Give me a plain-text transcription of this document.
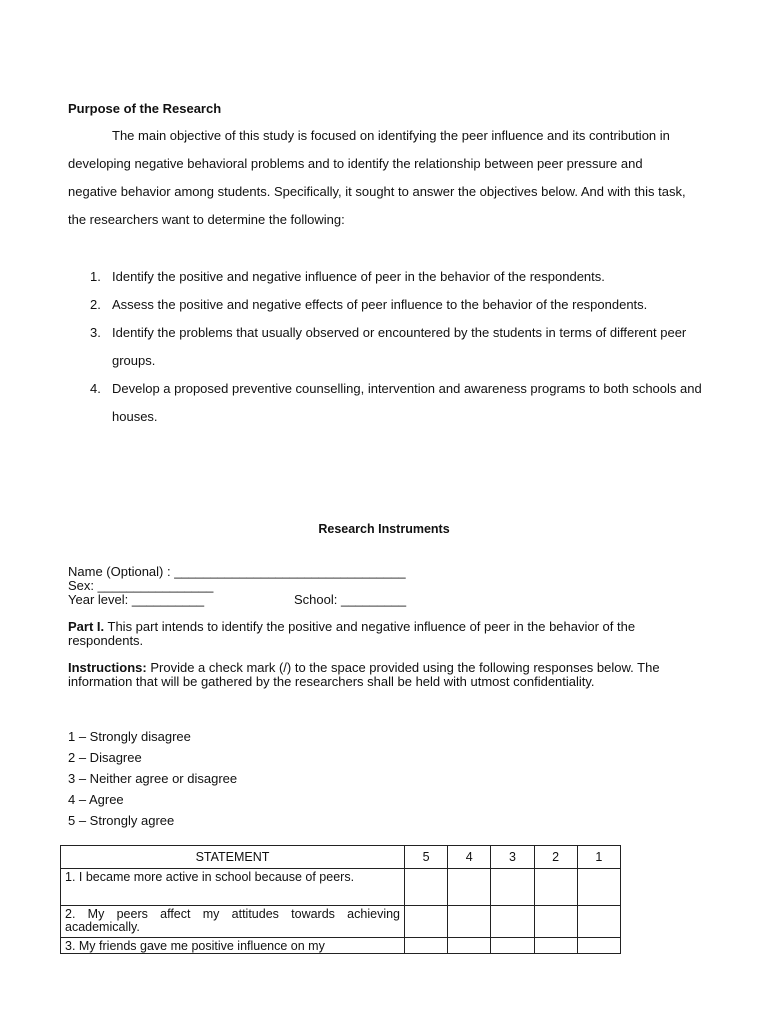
Purpose of the Research
The main objective of this study is focused on identifying the peer influence and its contribution in developing negative behavioral problems and to identify the relationship between peer pressure and negative behavior among students. Specifically, it sought to answer the objectives below. And with this task, the researchers want to determine the following:
1. Identify the positive and negative influence of peer in the behavior of the respondents.
2. Assess the positive and negative effects of peer influence to the behavior of the respondents.
3. Identify the problems that usually observed or encountered by the students in terms of different peer groups.
4. Develop a proposed preventive counselling, intervention and awareness programs to both schools and houses.
Research Instruments
Name (Optional) : ________________________________
Sex: ________________
Year level: __________	School: _________
Part I. This part intends to identify the positive and negative influence of peer in the behavior of the respondents.
Instructions: Provide a check mark (/) to the space provided using the following responses below. The information that will be gathered by the researchers shall be held with utmost confidentiality.
1 – Strongly disagree
2 – Disagree
3 – Neither agree or disagree
4 – Agree
5 – Strongly agree
STATEMENT	5	4	3	2	1
1. I became more active in school because of peers.					
2. My peers affect my attitudes towards achieving academically.					
3. My friends gave me positive influence on my					
